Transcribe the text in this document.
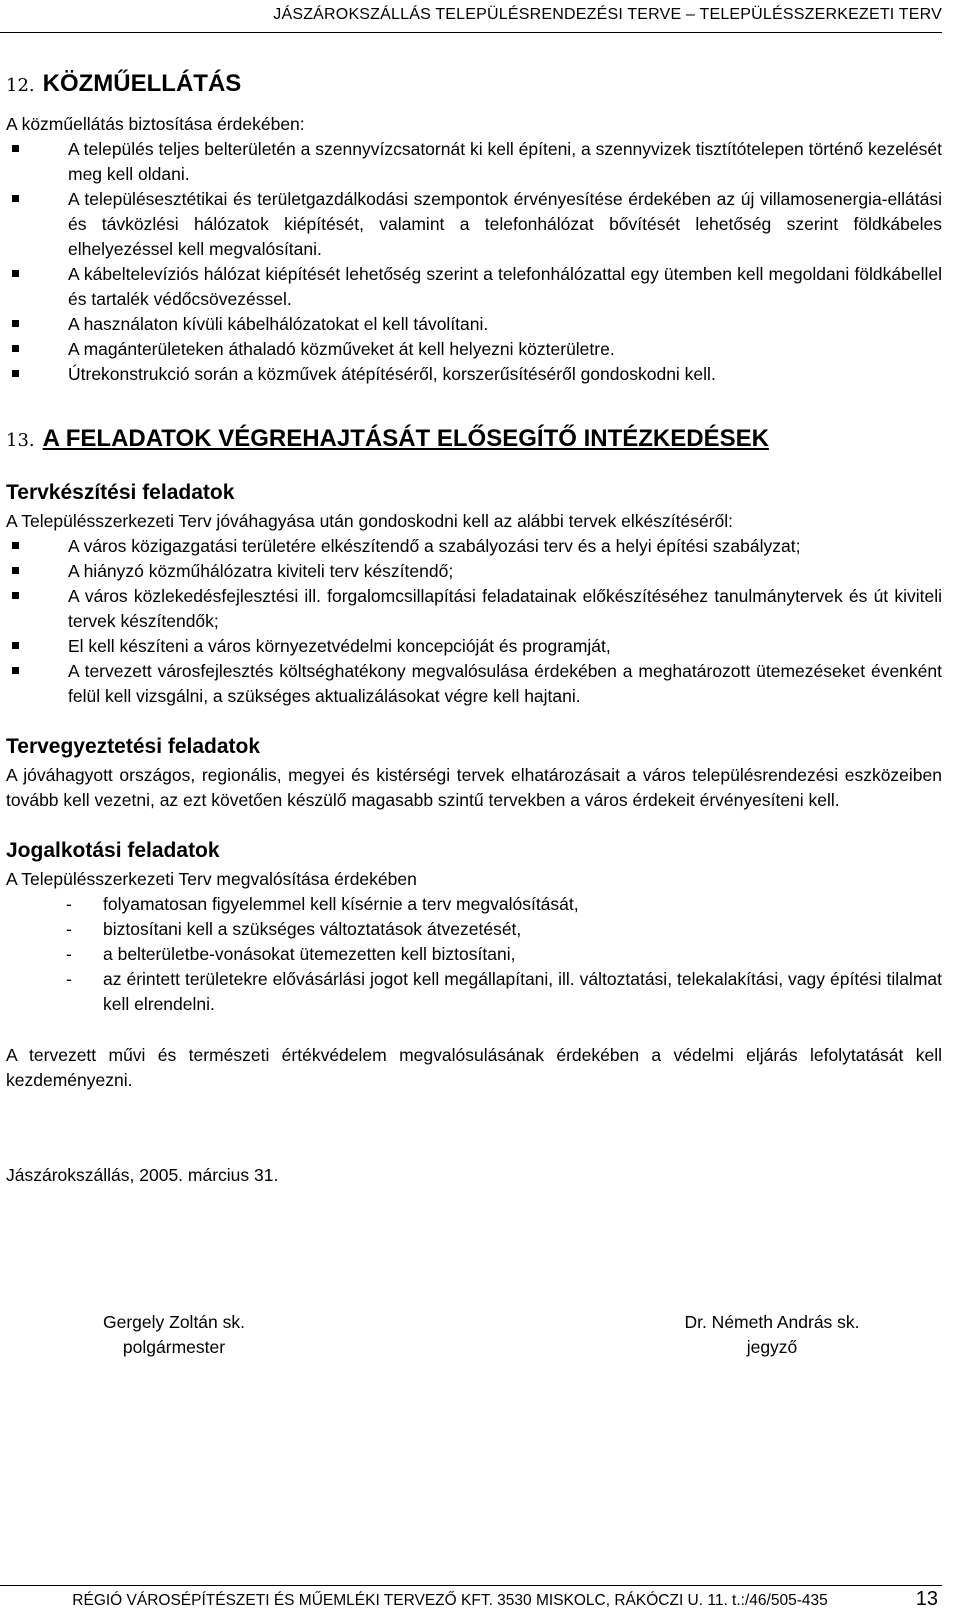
JÁSZÁROKSZÁLLÁS TELEPÜLÉSRENDEZÉSI TERVE – TELEPÜLÉSSZERKEZETI TERV
12. KÖZMŰELLÁTÁS

A közműellátás biztosítása érdekében:

A település teljes belterületén a szennyvízcsatornát ki kell építeni, a szennyvizek tisztítótelepen történő kezelését meg kell oldani.
A településesztétikai és területgazdálkodási szempontok érvényesítése érdekében az új villamosenergia-ellátási és távközlési hálózatok kiépítését, valamint a telefonhálózat bővítését lehetőség szerint földkábeles elhelyezéssel kell megvalósítani.
A kábeltelevíziós hálózat kiépítését lehetőség szerint a telefonhálózattal egy ütemben kell megoldani földkábellel és tartalék védőcsövezéssel.
A használaton kívüli kábelhálózatokat el kell távolítani.
A magánterületeken áthaladó közműveket át kell helyezni közterületre.
Útrekonstrukció során a közművek átépítéséről, korszerűsítéséről gondoskodni kell.
13. A FELADATOK VÉGREHAJTÁSÁT ELŐSEGÍTŐ INTÉZKEDÉSEK
Tervkészítési feladatok

A Településszerkezeti Terv jóváhagyása után gondoskodni kell az alábbi tervek elkészítéséről:

A város közigazgatási területére elkészítendő a szabályozási terv és a helyi építési szabályzat;
A hiányzó közműhálózatra kiviteli terv készítendő;
A város közlekedésfejlesztési ill. forgalomcsillapítási feladatainak előkészítéséhez tanulmánytervek és út kiviteli tervek készítendők;
El kell készíteni a város környezetvédelmi koncepcióját és programját,
A tervezett városfejlesztés költséghatékony megvalósulása érdekében a meghatározott ütemezéseket évenként felül kell vizsgálni, a szükséges aktualizálásokat végre kell hajtani.
Tervegyeztetési feladatok

A jóváhagyott országos, regionális, megyei és kistérségi tervek elhatározásait a város településrendezési eszközeiben tovább kell vezetni, az ezt követően készülő magasabb szintű tervekben a város érdekeit érvényesíteni kell.

Jogalkotási feladatok

A Településszerkezeti Terv megvalósítása érdekében

- folyamatosan figyelemmel kell kísérnie a terv megvalósítását,
- biztosítani kell a szükséges változtatások átvezetését,
- a belterületbe-vonásokat ütemezetten kell biztosítani,
- az érintett területekre elővásárlási jogot kell megállapítani, ill. változtatási, telekalakítási, vagy építési tilalmat kell elrendelni.

A tervezett művi és természeti értékvédelem megvalósulásának érdekében a védelmi eljárás lefolytatását kell kezdeményezni.

Jászárokszállás, 2005. március 31.

Gergely Zoltán sk.
polgármester
Dr. Németh András sk.
jegyző
RÉGIÓ VÁROSÉPÍTÉSZETI ÉS MŰEMLÉKI TERVEZŐ KFT. 3530 MISKOLC, RÁKÓCZI U. 11. t.:/46/505-435	13
